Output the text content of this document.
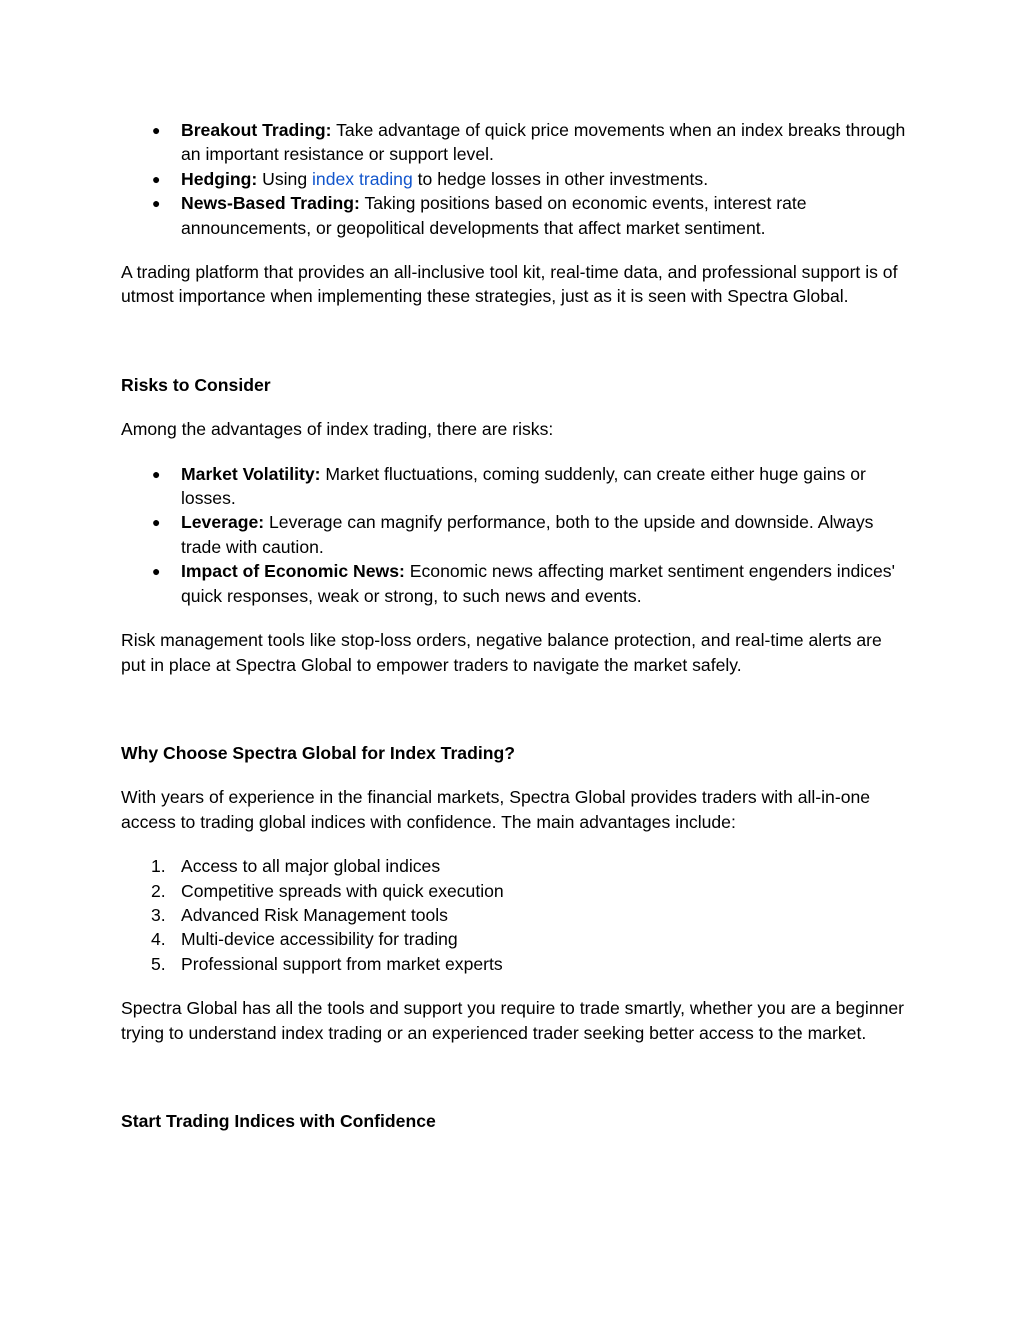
● Breakout Trading: Take advantage of quick price movements when an index breaks through an important resistance or support level.
● Hedging: Using index trading to hedge losses in other investments.
● News-Based Trading: Taking positions based on economic events, interest rate announcements, or geopolitical developments that affect market sentiment.

A trading platform that provides an all-inclusive tool kit, real-time data, and professional support is of utmost importance when implementing these strategies, just as it is seen with Spectra Global.

Risks to Consider

Among the advantages of index trading, there are risks:

● Market Volatility: Market fluctuations, coming suddenly, can create either huge gains or losses.
● Leverage: Leverage can magnify performance, both to the upside and downside. Always trade with caution.
● Impact of Economic News: Economic news affecting market sentiment engenders indices' quick responses, weak or strong, to such news and events.

Risk management tools like stop-loss orders, negative balance protection, and real-time alerts are put in place at Spectra Global to empower traders to navigate the market safely.

Why Choose Spectra Global for Index Trading?

With years of experience in the financial markets, Spectra Global provides traders with all-in-one access to trading global indices with confidence. The main advantages include:

1. Access to all major global indices
2. Competitive spreads with quick execution
3. Advanced Risk Management tools
4. Multi-device accessibility for trading
5. Professional support from market experts

Spectra Global has all the tools and support you require to trade smartly, whether you are a beginner trying to understand index trading or an experienced trader seeking better access to the market.

Start Trading Indices with Confidence
